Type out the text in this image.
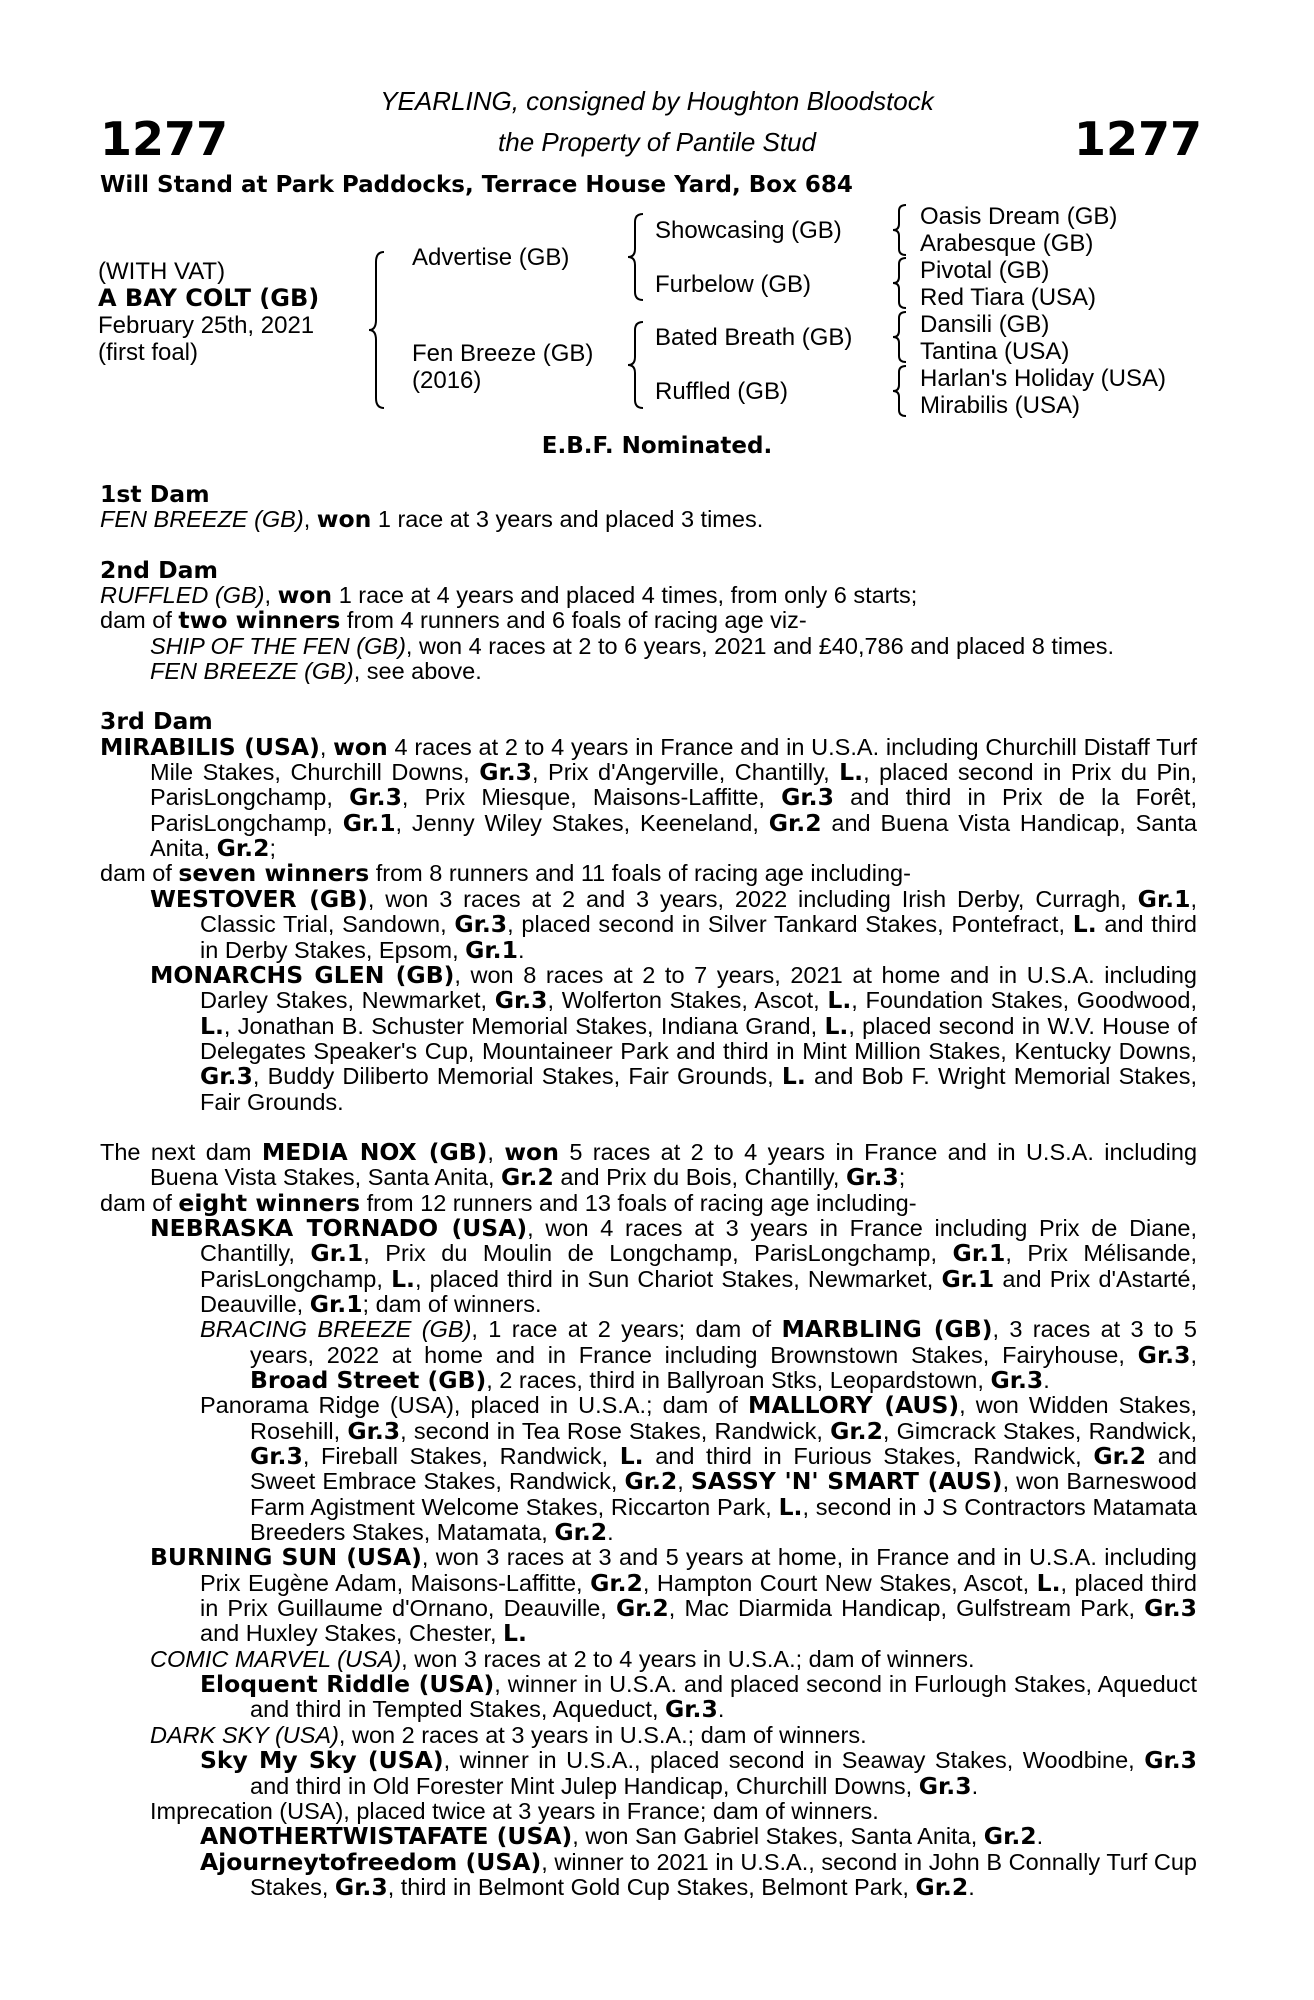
1277	1277
YEARLING, consigned by Houghton Bloodstock
the Property of Pantile Stud
Will Stand at Park Paddocks, Terrace House Yard, Box 684
(WITH VAT)
A BAY COLT (GB)
February 25th, 2021
(first foal)
Advertise (GB)
Fen Breeze (GB)
(2016)
Showcasing (GB)
Furbelow (GB)
Bated Breath (GB)
Ruffled (GB)
Oasis Dream (GB)
Arabesque (GB)
Pivotal (GB)
Red Tiara (USA)
Dansili (GB)
Tantina (USA)
Harlan's Holiday (USA)
Mirabilis (USA)
E.B.F. Nominated.

1st Dam

FEN BREEZE (GB), won 1 race at 3 years and placed 3 times.

2nd Dam

RUFFLED (GB), won 1 race at 4 years and placed 4 times, from only 6 starts;

dam of two winners from 4 runners and 6 foals of racing age viz-

SHIP OF THE FEN (GB), won 4 races at 2 to 6 years, 2021 and £40,786 and placed 8 times.

FEN BREEZE (GB), see above.

3rd Dam

MIRABILIS (USA), won 4 races at 2 to 4 years in France and in U.S.A. including Churchill Distaff Turf Mile Stakes, Churchill Downs, Gr.3, Prix d'Angerville, Chantilly, L., placed second in Prix du Pin, ParisLongchamp, Gr.3, Prix Miesque, Maisons-Laffitte, Gr.3 and third in Prix de la Forêt, ParisLongchamp, Gr.1, Jenny Wiley Stakes, Keeneland, Gr.2 and Buena Vista Handicap, Santa Anita, Gr.2;

dam of seven winners from 8 runners and 11 foals of racing age including-

WESTOVER (GB), won 3 races at 2 and 3 years, 2022 including Irish Derby, Curragh, Gr.1, Classic Trial, Sandown, Gr.3, placed second in Silver Tankard Stakes, Pontefract, L. and third in Derby Stakes, Epsom, Gr.1.

MONARCHS GLEN (GB), won 8 races at 2 to 7 years, 2021 at home and in U.S.A. including Darley Stakes, Newmarket, Gr.3, Wolferton Stakes, Ascot, L., Foundation Stakes, Goodwood, L., Jonathan B. Schuster Memorial Stakes, Indiana Grand, L., placed second in W.V. House of Delegates Speaker's Cup, Mountaineer Park and third in Mint Million Stakes, Kentucky Downs, Gr.3, Buddy Diliberto Memorial Stakes, Fair Grounds, L. and Bob F. Wright Memorial Stakes, Fair Grounds.

The next dam MEDIA NOX (GB), won 5 races at 2 to 4 years in France and in U.S.A. including Buena Vista Stakes, Santa Anita, Gr.2 and Prix du Bois, Chantilly, Gr.3;

dam of eight winners from 12 runners and 13 foals of racing age including-

NEBRASKA TORNADO (USA), won 4 races at 3 years in France including Prix de Diane, Chantilly, Gr.1, Prix du Moulin de Longchamp, ParisLongchamp, Gr.1, Prix Mélisande, ParisLongchamp, L., placed third in Sun Chariot Stakes, Newmarket, Gr.1 and Prix d'Astarté, Deauville, Gr.1; dam of winners.

BRACING BREEZE (GB), 1 race at 2 years; dam of MARBLING (GB), 3 races at 3 to 5 years, 2022 at home and in France including Brownstown Stakes, Fairyhouse, Gr.3, Broad Street (GB), 2 races, third in Ballyroan Stks, Leopardstown, Gr.3.

Panorama Ridge (USA), placed in U.S.A.; dam of MALLORY (AUS), won Widden Stakes, Rosehill, Gr.3, second in Tea Rose Stakes, Randwick, Gr.2, Gimcrack Stakes, Randwick, Gr.3, Fireball Stakes, Randwick, L. and third in Furious Stakes, Randwick, Gr.2 and Sweet Embrace Stakes, Randwick, Gr.2, SASSY 'N' SMART (AUS), won Barneswood Farm Agistment Welcome Stakes, Riccarton Park, L., second in J S Contractors Matamata Breeders Stakes, Matamata, Gr.2.

BURNING SUN (USA), won 3 races at 3 and 5 years at home, in France and in U.S.A. including Prix Eugène Adam, Maisons-Laffitte, Gr.2, Hampton Court New Stakes, Ascot, L., placed third in Prix Guillaume d'Ornano, Deauville, Gr.2, Mac Diarmida Handicap, Gulfstream Park, Gr.3 and Huxley Stakes, Chester, L.

COMIC MARVEL (USA), won 3 races at 2 to 4 years in U.S.A.; dam of winners.

Eloquent Riddle (USA), winner in U.S.A. and placed second in Furlough Stakes, Aqueduct and third in Tempted Stakes, Aqueduct, Gr.3.

DARK SKY (USA), won 2 races at 3 years in U.S.A.; dam of winners.

Sky My Sky (USA), winner in U.S.A., placed second in Seaway Stakes, Woodbine, Gr.3 and third in Old Forester Mint Julep Handicap, Churchill Downs, Gr.3.

Imprecation (USA), placed twice at 3 years in France; dam of winners.

ANOTHERTWISTAFATE (USA), won San Gabriel Stakes, Santa Anita, Gr.2.

Ajourneytofreedom (USA), winner to 2021 in U.S.A., second in John B Connally Turf Cup Stakes, Gr.3, third in Belmont Gold Cup Stakes, Belmont Park, Gr.2.
